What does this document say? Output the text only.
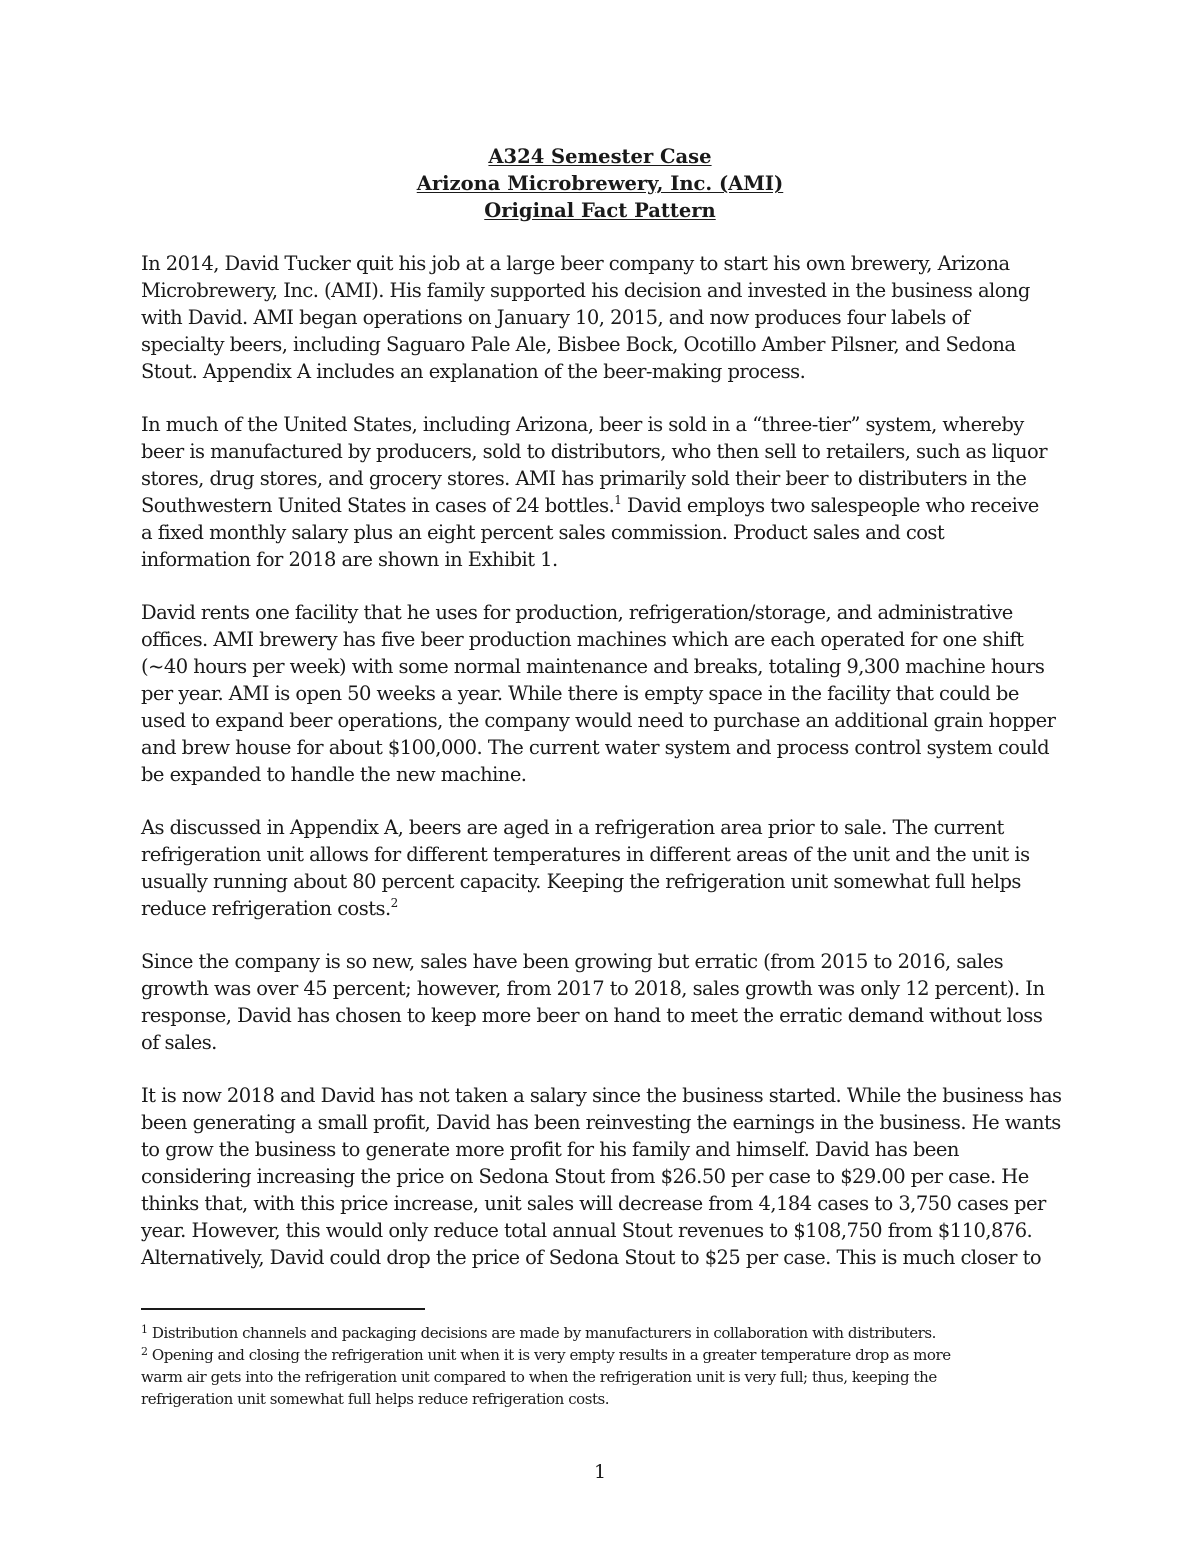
A324 Semester Case
Arizona Microbrewery, Inc. (AMI)
Original Fact Pattern

In 2014, David Tucker quit his job at a large beer company to start his own brewery, Arizona
Microbrewery, Inc. (AMI). His family supported his decision and invested in the business along
with David. AMI began operations on January 10, 2015, and now produces four labels of
specialty beers, including Saguaro Pale Ale, Bisbee Bock, Ocotillo Amber Pilsner, and Sedona
Stout. Appendix A includes an explanation of the beer-making process.

In much of the United States, including Arizona, beer is sold in a “three-tier” system, whereby
beer is manufactured by producers, sold to distributors, who then sell to retailers, such as liquor
stores, drug stores, and grocery stores. AMI has primarily sold their beer to distributers in the
Southwestern United States in cases of 24 bottles.$^1$ David employs two salespeople who receive
a fixed monthly salary plus an eight percent sales commission. Product sales and cost
information for 2018 are shown in Exhibit 1.

David rents one facility that he uses for production, refrigeration/storage, and administrative
offices. AMI brewery has five beer production machines which are each operated for one shift
(~40 hours per week) with some normal maintenance and breaks, totaling 9,300 machine hours
per year. AMI is open 50 weeks a year. While there is empty space in the facility that could be
used to expand beer operations, the company would need to purchase an additional grain hopper
and brew house for about $100,000. The current water system and process control system could
be expanded to handle the new machine.

As discussed in Appendix A, beers are aged in a refrigeration area prior to sale. The current
refrigeration unit allows for different temperatures in different areas of the unit and the unit is
usually running about 80 percent capacity. Keeping the refrigeration unit somewhat full helps
reduce refrigeration costs.$^2$

Since the company is so new, sales have been growing but erratic (from 2015 to 2016, sales
growth was over 45 percent; however, from 2017 to 2018, sales growth was only 12 percent). In
response, David has chosen to keep more beer on hand to meet the erratic demand without loss
of sales.

It is now 2018 and David has not taken a salary since the business started. While the business has
been generating a small profit, David has been reinvesting the earnings in the business. He wants
to grow the business to generate more profit for his family and himself. David has been
considering increasing the price on Sedona Stout from $26.50 per case to $29.00 per case. He
thinks that, with this price increase, unit sales will decrease from 4,184 cases to 3,750 cases per
year. However, this would only reduce total annual Stout revenues to $108,750 from $110,876.
Alternatively, David could drop the price of Sedona Stout to $25 per case. This is much closer to

$^1$ Distribution channels and packaging decisions are made by manufacturers in collaboration with distributers.
$^2$ Opening and closing the refrigeration unit when it is very empty results in a greater temperature drop as more
warm air gets into the refrigeration unit compared to when the refrigeration unit is very full; thus, keeping the
refrigeration unit somewhat full helps reduce refrigeration costs.
1
